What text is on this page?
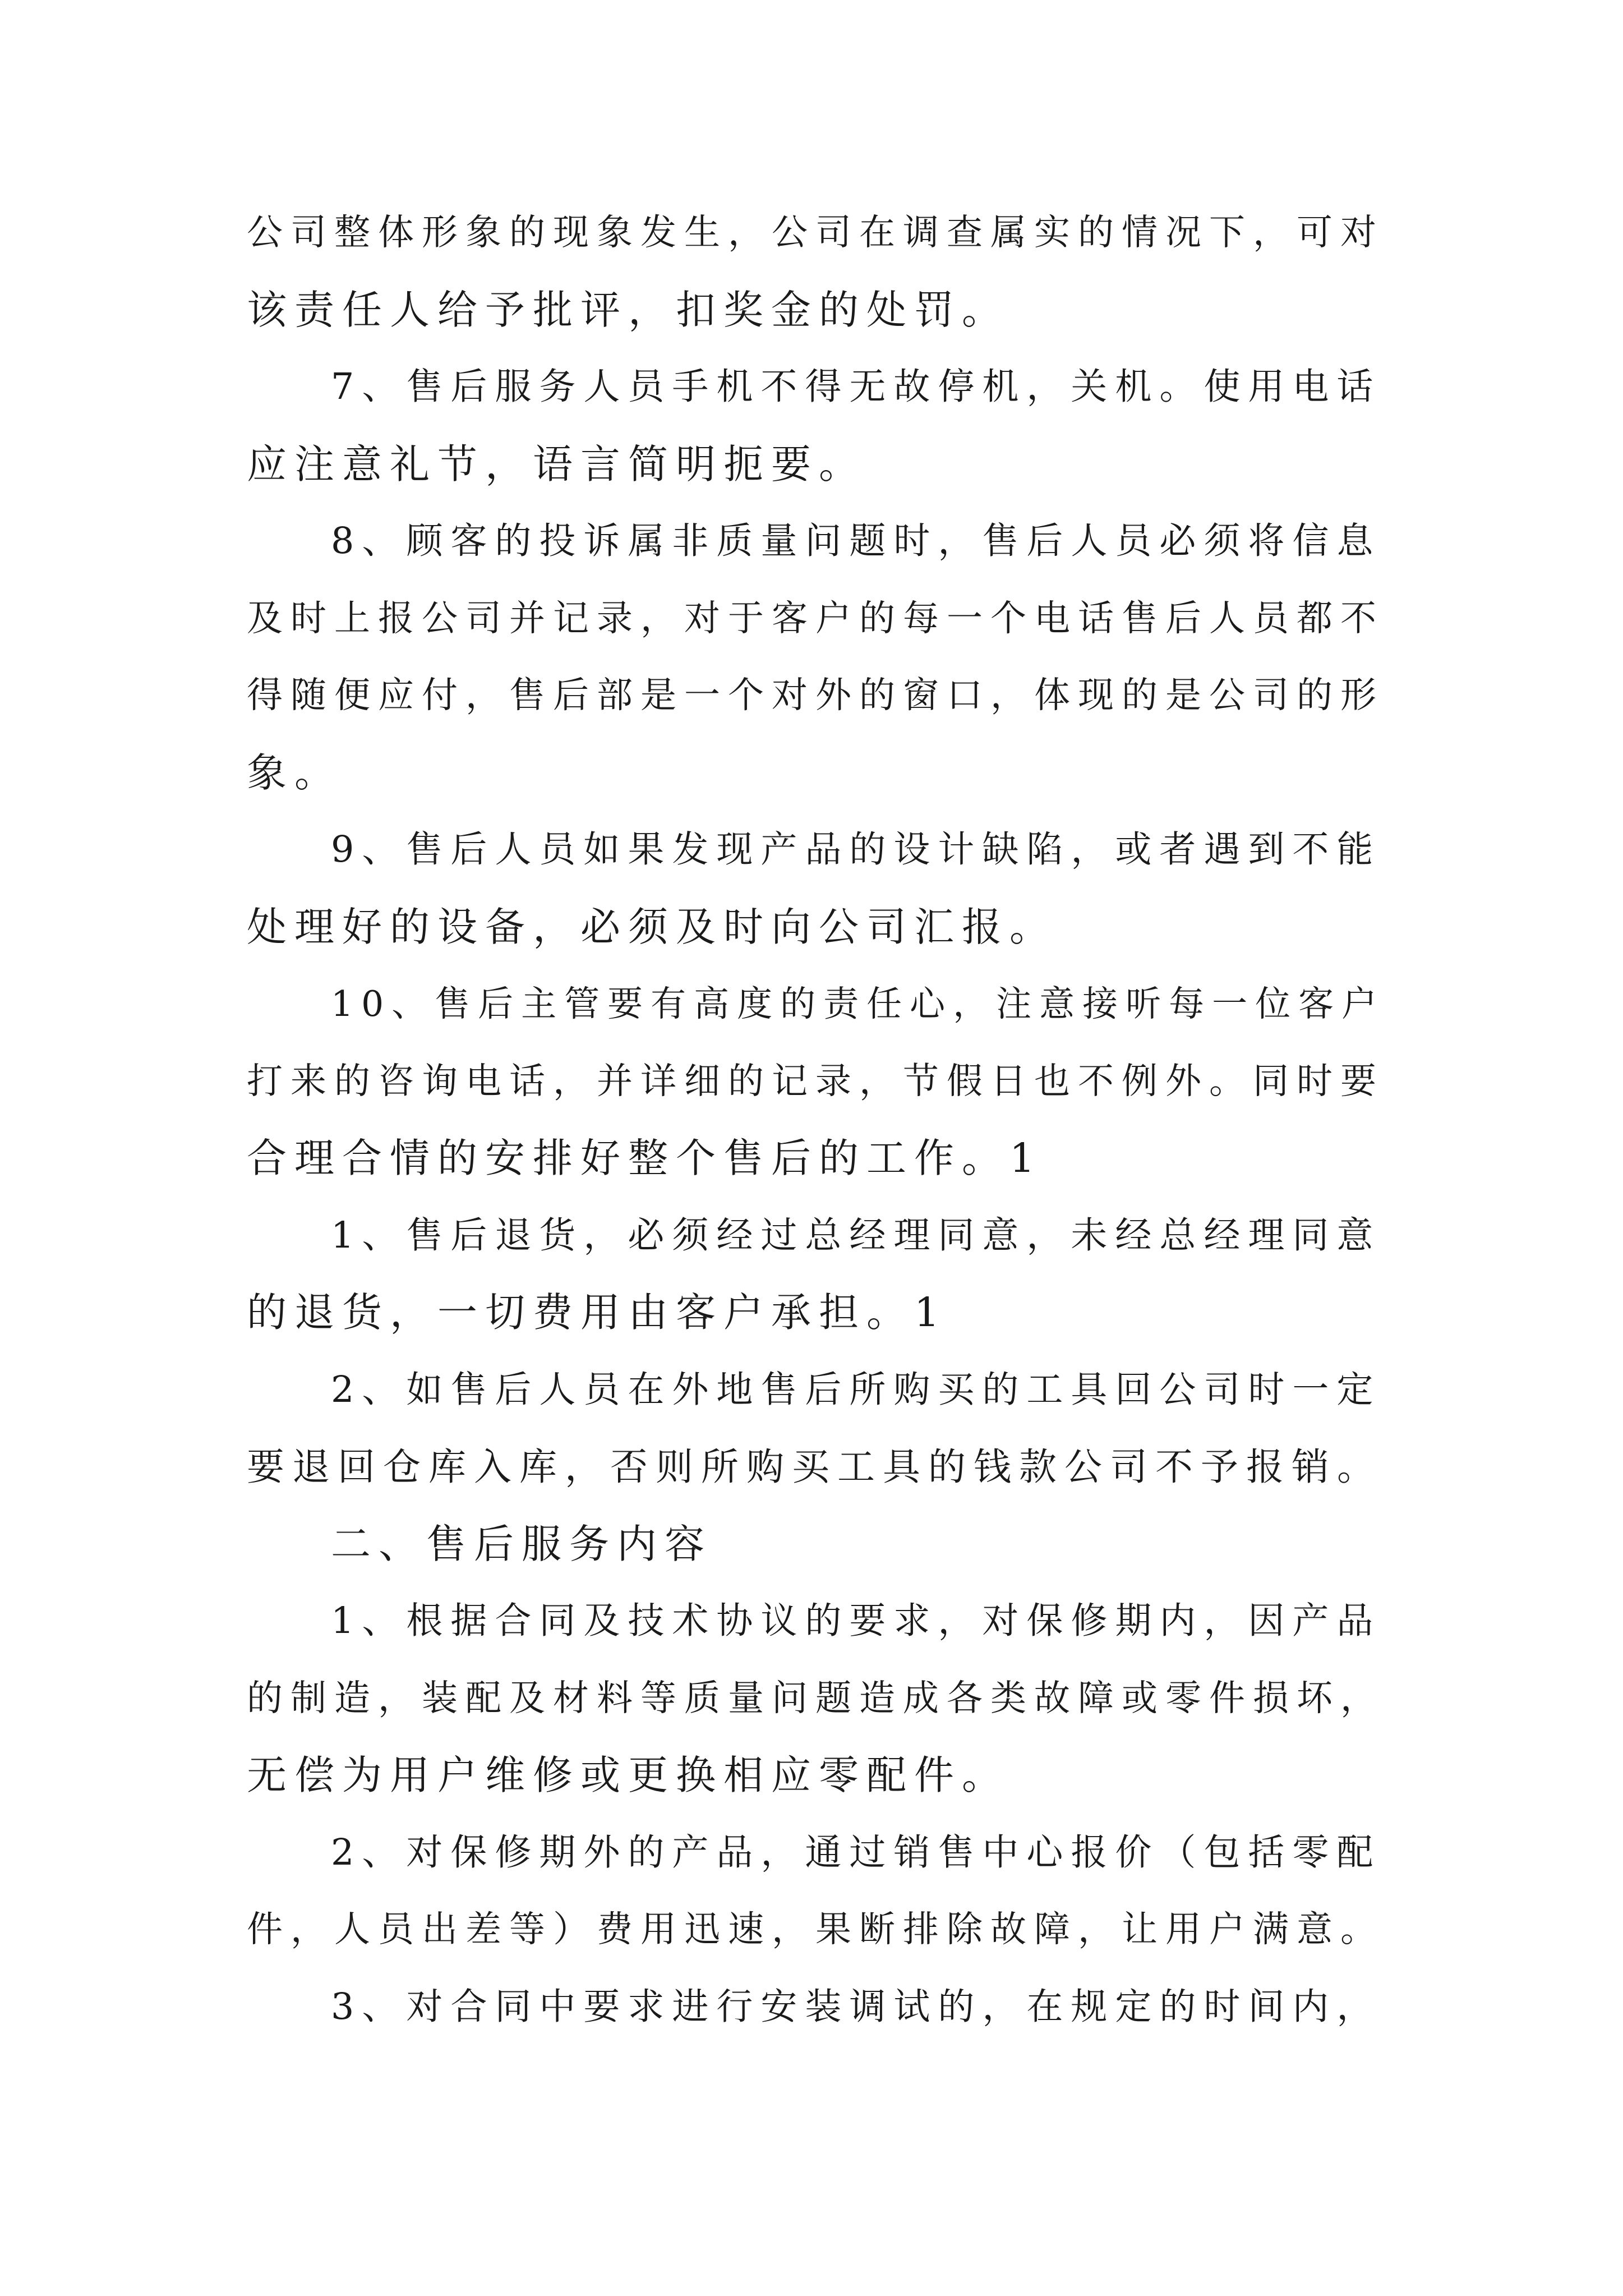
公司整体形象的现象发生，公司在调查属实的情况下，可对
该责任人给予批评，扣奖金的处罚。
7、售后服务人员手机不得无故停机，关机。使用电话
应注意礼节，语言简明扼要。
8、顾客的投诉属非质量问题时，售后人员必须将信息
及时上报公司并记录，对于客户的每一个电话售后人员都不
得随便应付，售后部是一个对外的窗口，体现的是公司的形
象。
9、售后人员如果发现产品的设计缺陷，或者遇到不能
处理好的设备，必须及时向公司汇报。
10、售后主管要有高度的责任心，注意接听每一位客户
打来的咨询电话，并详细的记录，节假日也不例外。同时要
合理合情的安排好整个售后的工作。1
1、售后退货，必须经过总经理同意，未经总经理同意
的退货，一切费用由客户承担。1
2、如售后人员在外地售后所购买的工具回公司时一定
要退回仓库入库，否则所购买工具的钱款公司不予报销。
二、售后服务内容
1、根据合同及技术协议的要求，对保修期内，因产品
的制造，装配及材料等质量问题造成各类故障或零件损坏，
无偿为用户维修或更换相应零配件。
2、对保修期外的产品，通过销售中心报价（包括零配
件，人员出差等）费用迅速，果断排除故障，让用户满意。
3、对合同中要求进行安装调试的，在规定的时间内，
